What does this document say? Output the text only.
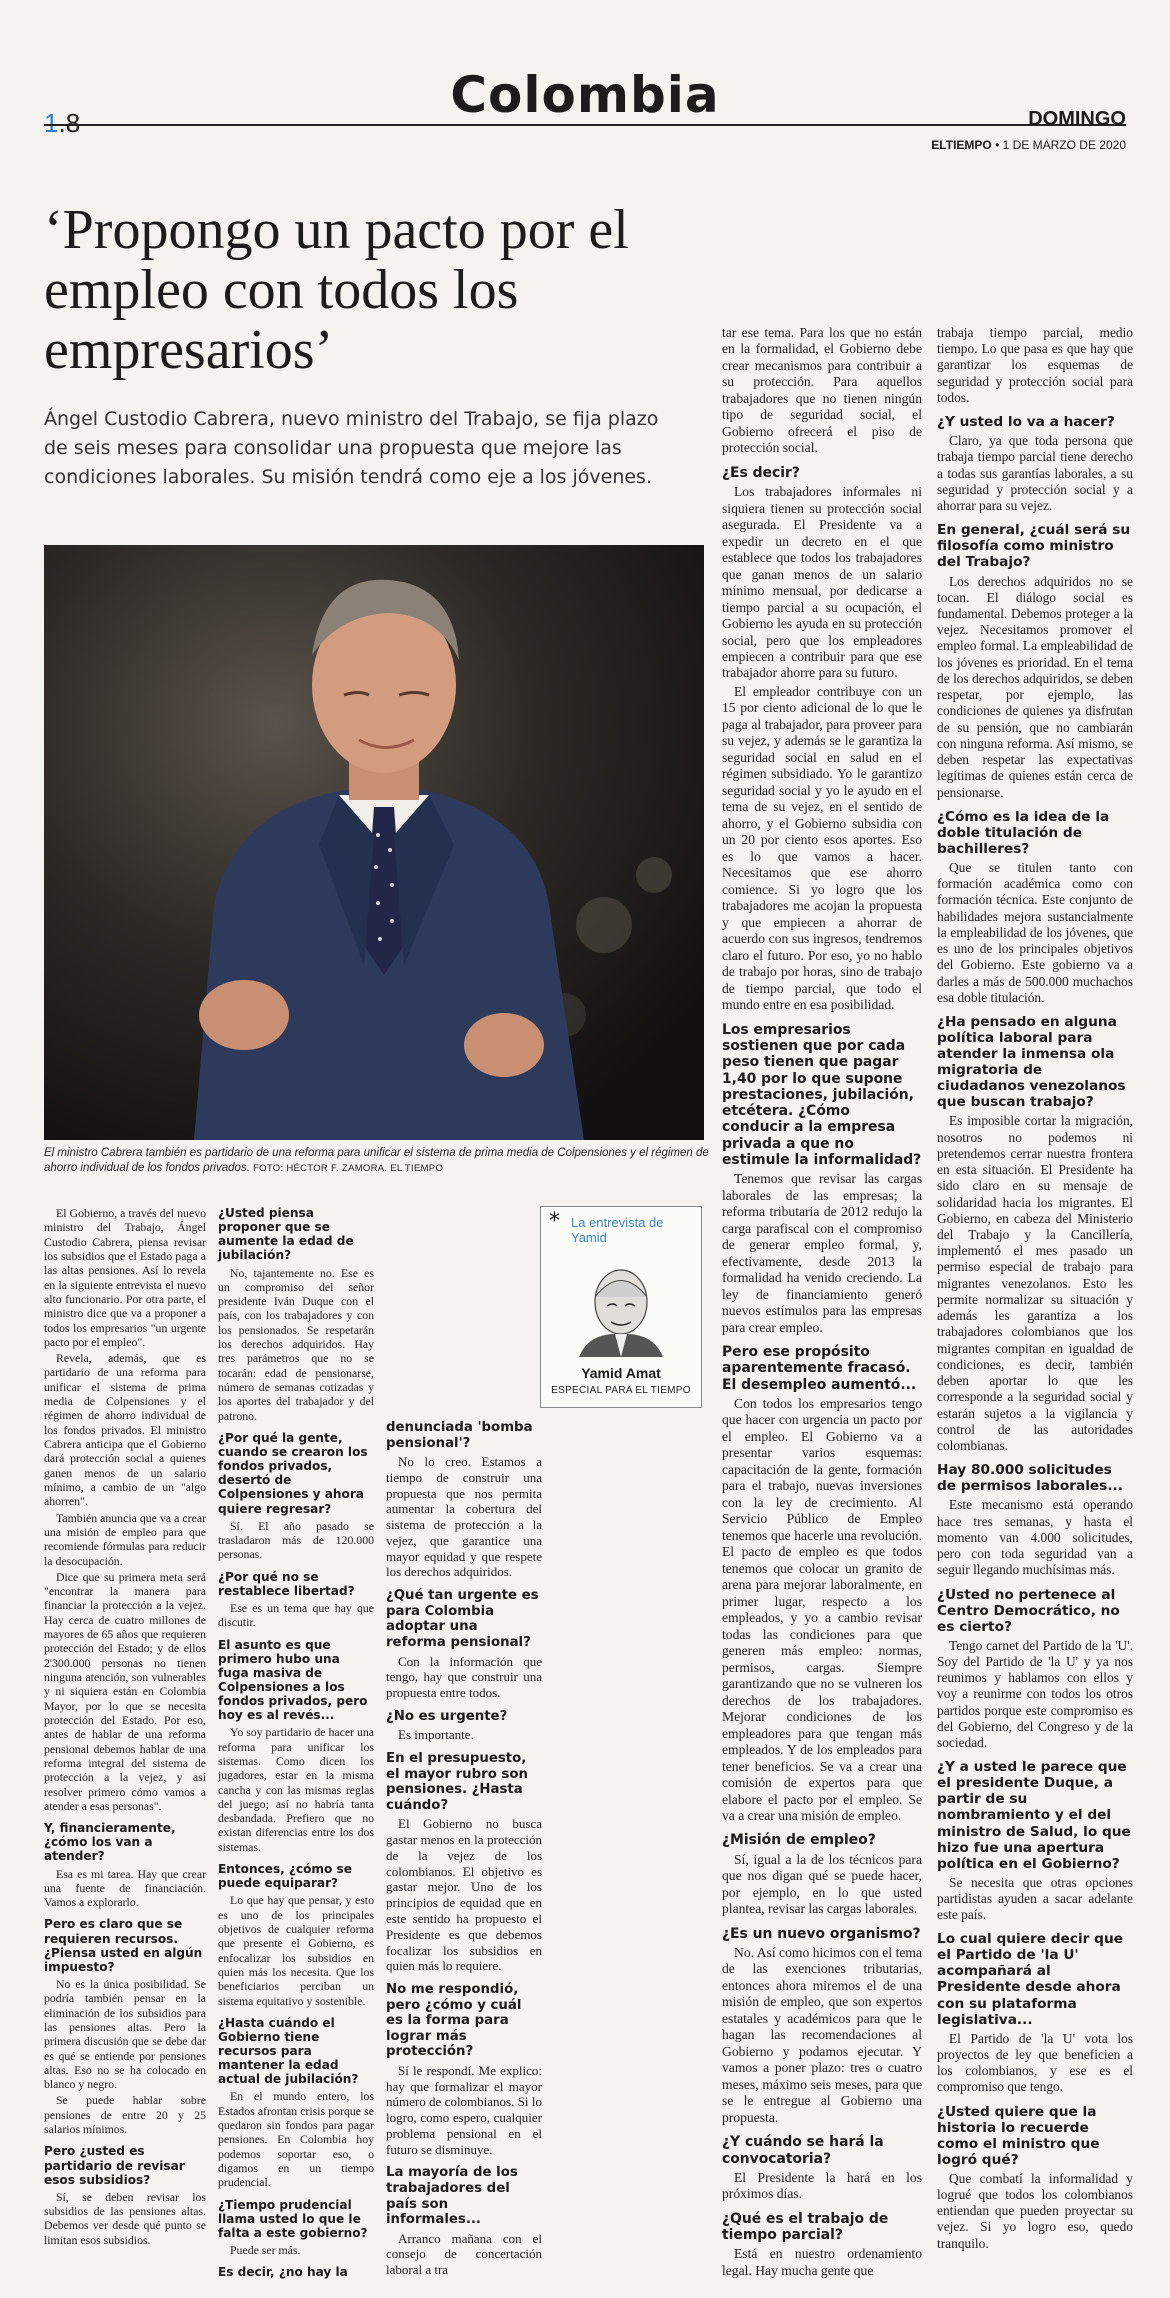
1.8	Colombia	DOMINGO
ELTIEMPO • 1 DE MARZO DE 2020
‘Propongo un pacto por el empleo con todos los empresarios’

Ángel Custodio Cabrera, nuevo ministro del Trabajo, se fija plazo de seis meses para consolidar una propuesta que mejore las condiciones laborales. Su misión tendrá como eje a los jóvenes.

El ministro Cabrera también es partidario de una reforma para unificar el sistema de prima media de Colpensiones y el régimen de ahorro individual de los fondos privados. FOTO: HÉCTOR F. ZAMORA. EL TIEMPO

* La entrevista de Yamid
Yamid Amat
ESPECIAL PARA EL TIEMPO

El Gobierno, a través del nuevo ministro del Trabajo, Ángel Custodio Cabrera, piensa revisar los subsidios que el Estado paga a las altas pensiones. Así lo revela en la siguiente entrevista el nuevo alto funcionario. Por otra parte, el ministro dice que va a proponer a todos los empresarios "un urgente pacto por el empleo".

Revela, además, que es partidario de una reforma para unificar el sistema de prima media de Colpensiones y el régimen de ahorro individual de los fondos privados. El ministro Cabrera anticipa que el Gobierno dará protección social a quienes ganen menos de un salario mínimo, a cambio de un "algo ahorren".

También anuncia que va a crear una misión de empleo para que recomiende fórmulas para reducir la desocupación.

Dice que su primera meta será "encontrar la manera para financiar la protección a la vejez. Hay cerca de cuatro millones de mayores de 65 años que requieren protección del Estado; y de ellos 2'300.000 personas no tienen ninguna atención, son vulnerables y ni siquiera están en Colombia Mayor, por lo que se necesita protección del Estado. Por eso, antes de hablar de una reforma pensional debemos hablar de una reforma integral del sistema de protección a la vejez, y así resolver primero cómo vamos a atender a esas personas".

Y, financieramente, ¿cómo los van a atender?

Esa es mi tarea. Hay que crear una fuente de financiación. Vamos a explorarlo.

Pero es claro que se requieren recursos. ¿Piensa usted en algún impuesto?

No es la única posibilidad. Se podría también pensar en la eliminación de los subsidios para las pensiones altas. Pero la primera discusión que se debe dar es qué se entiende por pensiones altas. Eso no se ha colocado en blanco y negro.

Se puede hablar sobre pensiones de entre 20 y 25 salarios mínimos.

Pero ¿usted es partidario de revisar esos subsidios?

Sí, se deben revisar los subsidios de las pensiones altas. Debemos ver desde qué punto se limitan esos subsidios.

¿Usted piensa proponer que se aumente la edad de jubilación?

No, tajantemente no. Ese es un compromiso del señor presidente Iván Duque con el país, con los trabajadores y con los pensionados. Se respetarán los derechos adquiridos. Hay tres parámetros que no se tocarán: edad de pensionarse, número de semanas cotizadas y los aportes del trabajador y del patrono.

¿Por qué la gente, cuando se crearon los fondos privados, desertó de Colpensiones y ahora quiere regresar?

Sí. El año pasado se trasladaron más de 120.000 personas.

¿Por qué no se restablece libertad?

Ese es un tema que hay que discutir.

El asunto es que primero hubo una fuga masiva de Colpensiones a los fondos privados, pero hoy es al revés...

Yo soy partidario de hacer una reforma para unificar los sistemas. Como dicen los jugadores, estar en la misma cancha y con las mismas reglas del juego; así no habría tanta desbandada. Prefiero que no existan diferencias entre los dos sistemas.

Entonces, ¿cómo se puede equiparar?

Lo que hay que pensar, y esto es uno de los principales objetivos de cualquier reforma que presente el Gobierno, es enfocalizar los subsidios en quien más los necesita. Que los beneficiarios perciban un sistema equitativo y sostenible.

¿Hasta cuándo el Gobierno tiene recursos para mantener la edad actual de jubilación?

En el mundo entero, los Estados afrontan crisis porque se quedaron sin fondos para pagar pensiones. En Colombia hoy podemos soportar eso, o digamos en un tiempo prudencial.

¿Tiempo prudencial llama usted lo que le falta a este gobierno?

Puede ser más.

Es decir, ¿no hay la
denunciada 'bomba pensional'?

No lo creo. Estamos a tiempo de construir una propuesta que nos permita aumentar la cobertura del sistema de protección a la vejez, que garantice una mayor equidad y que respete los derechos adquiridos.

¿Qué tan urgente es para Colombia adoptar una reforma pensional?

Con la información que tengo, hay que construir una propuesta entre todos.

¿No es urgente?

Es importante.

En el presupuesto, el mayor rubro son pensiones. ¿Hasta cuándo?

El Gobierno no busca gastar menos en la protección de la vejez de los colombianos. El objetivo es gastar mejor. Uno de los principios de equidad que en este sentido ha propuesto el Presidente es que debemos focalizar los subsidios en quien más lo requiere.

No me respondió, pero ¿cómo y cuál es la forma para lograr más protección?

Sí le respondí. Me explico: hay que formalizar el mayor número de colombianos. Si lo logro, como espero, cualquier problema pensional en el futuro se disminuye.

La mayoría de los trabajadores del país son informales...

Arranco mañana con el consejo de concertación laboral a tra

tar ese tema. Para los que no están en la formalidad, el Gobierno debe crear mecanismos para contribuir a su protección. Para aquellos trabajadores que no tienen ningún tipo de seguridad social, el Gobierno ofrecerá el piso de protección social.

¿Es decir?

Los trabajadores informales ni siquiera tienen su protección social asegurada. El Presidente va a expedir un decreto en el que establece que todos los trabajadores que ganan menos de un salario mínimo mensual, por dedicarse a tiempo parcial a su ocupación, el Gobierno les ayuda en su protección social, pero que los empleadores empiecen a contribuir para que ese trabajador ahorre para su futuro.

El empleador contribuye con un 15 por ciento adicional de lo que le paga al trabajador, para proveer para su vejez, y además se le garantiza la seguridad social en salud en el régimen subsidiado. Yo le garantizo seguridad social y yo le ayudo en el tema de su vejez, en el sentido de ahorro, y el Gobierno subsidia con un 20 por ciento esos aportes. Eso es lo que vamos a hacer. Necesitamos que ese ahorro comience. Si yo logro que los trabajadores me acojan la propuesta y que empiecen a ahorrar de acuerdo con sus ingresos, tendremos claro el futuro. Por eso, yo no hablo de trabajo por horas, sino de trabajo de tiempo parcial, que todo el mundo entre en esa posibilidad.

Los empresarios sostienen que por cada peso tienen que pagar 1,40 por lo que supone prestaciones, jubilación, etcétera. ¿Cómo conducir a la empresa privada a que no estimule la informalidad?

Tenemos que revisar las cargas laborales de las empresas; la reforma tributaria de 2012 redujo la carga parafiscal con el compromiso de generar empleo formal, y, efectivamente, desde 2013 la formalidad ha venido creciendo. La ley de financiamiento generó nuevos estímulos para las empresas para crear empleo.

Pero ese propósito aparentemente fracasó. El desempleo aumentó...

Con todos los empresarios tengo que hacer con urgencia un pacto por el empleo. El Gobierno va a presentar varios esquemas: capacitación de la gente, formación para el trabajo, nuevas inversiones con la ley de crecimiento. Al Servicio Público de Empleo tenemos que hacerle una revolución. El pacto de empleo es que todos tenemos que colocar un granito de arena para mejorar laboralmente, en primer lugar, respecto a los empleados, y yo a cambio revisar todas las condiciones para que generen más empleo: normas, permisos, cargas. Siempre garantizando que no se vulneren los derechos de los trabajadores. Mejorar condiciones de los empleadores para que tengan más empleados. Y de los empleados para tener beneficios. Se va a crear una comisión de expertos para que elabore el pacto por el empleo. Se va a crear una misión de empleo.

¿Misión de empleo?

Sí, igual a la de los técnicos para que nos digan qué se puede hacer, por ejemplo, en lo que usted plantea, revisar las cargas laborales.

¿Es un nuevo organismo?

No. Así como hicimos con el tema de las exenciones tributarias, entonces ahora miremos el de una misión de empleo, que son expertos estatales y académicos para que le hagan las recomendaciones al Gobierno y podamos ejecutar. Y vamos a poner plazo: tres o cuatro meses, máximo seis meses, para que se le entregue al Gobierno una propuesta.

¿Y cuándo se hará la convocatoria?

El Presidente la hará en los próximos días.

¿Qué es el trabajo de tiempo parcial?

Está en nuestro ordenamiento legal. Hay mucha gente que

trabaja tiempo parcial, medio tiempo. Lo que pasa es que hay que garantizar los esquemas de seguridad y protección social para todos.

¿Y usted lo va a hacer?

Claro, ya que toda persona que trabaja tiempo parcial tiene derecho a todas sus garantías laborales, a su seguridad y protección social y a ahorrar para su vejez.

En general, ¿cuál será su filosofía como ministro del Trabajo?

Los derechos adquiridos no se tocan. El diálogo social es fundamental. Debemos proteger a la vejez. Necesitamos promover el empleo formal. La empleabilidad de los jóvenes es prioridad. En el tema de los derechos adquiridos, se deben respetar, por ejemplo, las condiciones de quienes ya disfrutan de su pensión, que no cambiarán con ninguna reforma. Así mismo, se deben respetar las expectativas legítimas de quienes están cerca de pensionarse.

¿Cómo es la idea de la doble titulación de bachilleres?

Que se titulen tanto con formación académica como con formación técnica. Este conjunto de habilidades mejora sustancialmente la empleabilidad de los jóvenes, que es uno de los principales objetivos del Gobierno. Este gobierno va a darles a más de 500.000 muchachos esa doble titulación.

¿Ha pensado en alguna política laboral para atender la inmensa ola migratoria de ciudadanos venezolanos que buscan trabajo?

Es imposible cortar la migración, nosotros no podemos ni pretendemos cerrar nuestra frontera en esta situación. El Presidente ha sido claro en su mensaje de solidaridad hacia los migrantes. El Gobierno, en cabeza del Ministerio del Trabajo y la Cancillería, implementó el mes pasado un permiso especial de trabajo para migrantes venezolanos. Esto les permite normalizar su situación y además les garantiza a los trabajadores colombianos que los migrantes compitan en igualdad de condiciones, es decir, también deben aportar lo que les corresponde a la seguridad social y estarán sujetos a la vigilancia y control de las autoridades colombianas.

Hay 80.000 solicitudes de permisos laborales...

Este mecanismo está operando hace tres semanas, y hasta el momento van 4.000 solicitudes, pero con toda seguridad van a seguir llegando muchísimas más.

¿Usted no pertenece al Centro Democrático, no es cierto?

Tengo carnet del Partido de la 'U'. Soy del Partido de 'la U' y ya nos reunimos y hablamos con ellos y voy a reunirme con todos los otros partidos porque este compromiso es del Gobierno, del Congreso y de la sociedad.

¿Y a usted le parece que el presidente Duque, a partir de su nombramiento y el del ministro de Salud, lo que hizo fue una apertura política en el Gobierno?

Se necesita que otras opciones partidistas ayuden a sacar adelante este país.

Lo cual quiere decir que el Partido de 'la U' acompañará al Presidente desde ahora con su plataforma legislativa...

El Partido de 'la U' vota los proyectos de ley que beneficien a los colombianos, y ese es el compromiso que tengo.

¿Usted quiere que la historia lo recuerde como el ministro que logró qué?

Que combatí la informalidad y logrué que todos los colombianos entiendan que pueden proyectar su vejez. Si yo logro eso, quedo tranquilo.
